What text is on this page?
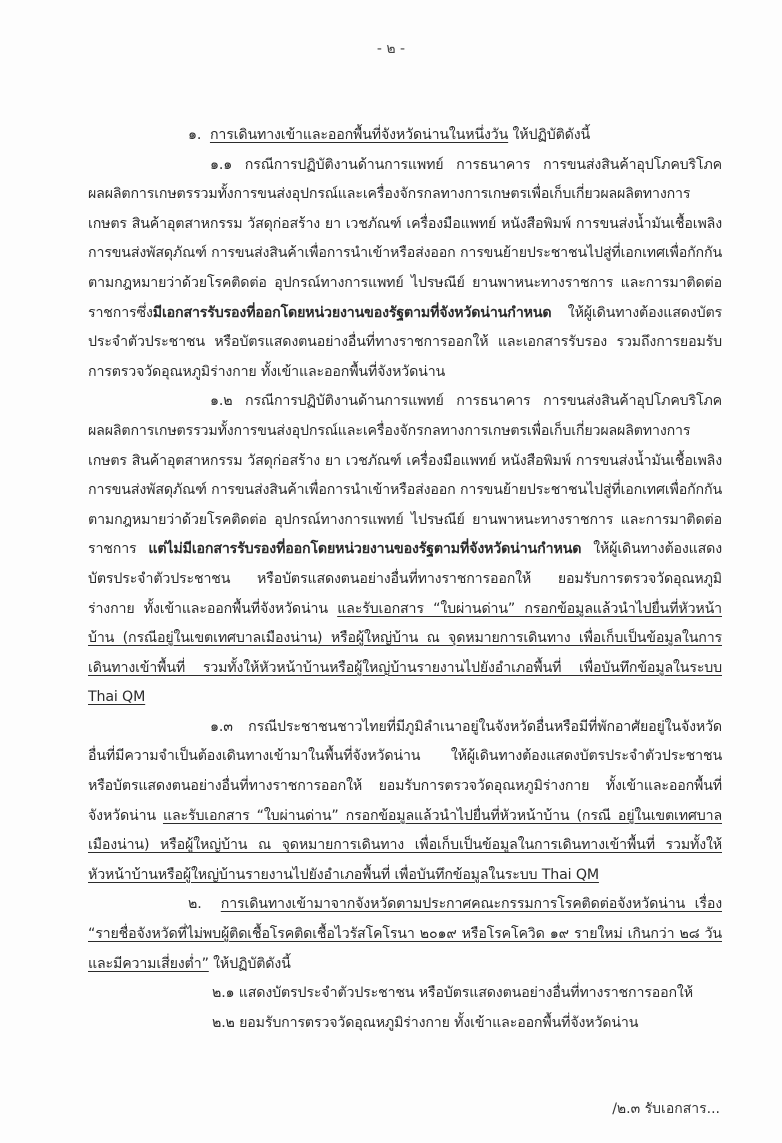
- ๒ -

๑. การเดินทางเข้าและออกพื้นที่จังหวัดน่านในหนึ่งวัน ให้ปฏิบัติดังนี้

๑.๑ กรณีการปฏิบัติงานด้านการแพทย์ การธนาคาร การขนส่งสินค้าอุปโภคบริโภค ผลผลิตการเกษตรรวมทั้งการขนส่งอุปกรณ์และเครื่องจักรกลทางการเกษตรเพื่อเก็บเกี่ยวผลผลิตทางการเกษตร สินค้าอุตสาหกรรม วัสดุก่อสร้าง ยา เวชภัณฑ์ เครื่องมือแพทย์ หนังสือพิมพ์ การขนส่งน้ำมันเชื้อเพลิง การขนส่งพัสดุภัณฑ์ การขนส่งสินค้าเพื่อการนำเข้าหรือส่งออก การขนย้ายประชาชนไปสู่ที่เอกเทศเพื่อกักกันตามกฎหมายว่าด้วยโรคติดต่อ อุปกรณ์ทางการแพทย์ ไปรษณีย์ ยานพาหนะทางราชการ และการมาติดต่อราชการซึ่งมีเอกสารรับรองที่ออกโดยหน่วยงานของรัฐตามที่จังหวัดน่านกำหนด ให้ผู้เดินทางต้องแสดงบัตรประจำตัวประชาชน หรือบัตรแสดงตนอย่างอื่นที่ทางราชการออกให้ และเอกสารรับรอง รวมถึงการยอมรับการตรวจวัดอุณหภูมิร่างกาย ทั้งเข้าและออกพื้นที่จังหวัดน่าน

๑.๒ กรณีการปฏิบัติงานด้านการแพทย์ การธนาคาร การขนส่งสินค้าอุปโภคบริโภค ผลผลิตการเกษตรรวมทั้งการขนส่งอุปกรณ์และเครื่องจักรกลทางการเกษตรเพื่อเก็บเกี่ยวผลผลิตทางการเกษตร สินค้าอุตสาหกรรม วัสดุก่อสร้าง ยา เวชภัณฑ์ เครื่องมือแพทย์ หนังสือพิมพ์ การขนส่งน้ำมันเชื้อเพลิง การขนส่งพัสดุภัณฑ์ การขนส่งสินค้าเพื่อการนำเข้าหรือส่งออก การขนย้ายประชาชนไปสู่ที่เอกเทศเพื่อกักกันตามกฎหมายว่าด้วยโรคติดต่อ อุปกรณ์ทางการแพทย์ ไปรษณีย์ ยานพาหนะทางราชการ และการมาติดต่อราชการ แต่ไม่มีเอกสารรับรองที่ออกโดยหน่วยงานของรัฐตามที่จังหวัดน่านกำหนด ให้ผู้เดินทางต้องแสดงบัตรประจำตัวประชาชน หรือบัตรแสดงตนอย่างอื่นที่ทางราชการออกให้ ยอมรับการตรวจวัดอุณหภูมิร่างกาย ทั้งเข้าและออกพื้นที่จังหวัดน่าน และรับเอกสาร “ใบผ่านด่าน” กรอกข้อมูลแล้วนำไปยื่นที่หัวหน้าบ้าน (กรณีอยู่ในเขตเทศบาลเมืองน่าน) หรือผู้ใหญ่บ้าน ณ จุดหมายการเดินทาง เพื่อเก็บเป็นข้อมูลในการเดินทางเข้าพื้นที่ รวมทั้งให้หัวหน้าบ้านหรือผู้ใหญ่บ้านรายงานไปยังอำเภอพื้นที่ เพื่อบันทึกข้อมูลในระบบ Thai QM

๑.๓ กรณีประชาชนชาวไทยที่มีภูมิลำเนาอยู่ในจังหวัดอื่นหรือมีที่พักอาศัยอยู่ในจังหวัดอื่นที่มีความจำเป็นต้องเดินทางเข้ามาในพื้นที่จังหวัดน่าน ให้ผู้เดินทางต้องแสดงบัตรประจำตัวประชาชน หรือบัตรแสดงตนอย่างอื่นที่ทางราชการออกให้ ยอมรับการตรวจวัดอุณหภูมิร่างกาย ทั้งเข้าและออกพื้นที่จังหวัดน่าน และรับเอกสาร “ใบผ่านด่าน” กรอกข้อมูลแล้วนำไปยื่นที่หัวหน้าบ้าน (กรณี อยู่ในเขตเทศบาลเมืองน่าน) หรือผู้ใหญ่บ้าน ณ จุดหมายการเดินทาง เพื่อเก็บเป็นข้อมูลในการเดินทางเข้าพื้นที่ รวมทั้งให้หัวหน้าบ้านหรือผู้ใหญ่บ้านรายงานไปยังอำเภอพื้นที่ เพื่อบันทึกข้อมูลในระบบ Thai QM

๒. การเดินทางเข้ามาจากจังหวัดตามประกาศคณะกรรมการโรคติดต่อจังหวัดน่าน เรื่อง “รายชื่อจังหวัดที่ไม่พบผู้ติดเชื้อโรคติดเชื้อไวรัสโคโรนา ๒๐๑๙ หรือโรคโควิด ๑๙ รายใหม่ เกินกว่า ๒๘ วัน และมีความเสี่ยงต่ำ” ให้ปฏิบัติดังนี้

๒.๑ แสดงบัตรประจำตัวประชาชน หรือบัตรแสดงตนอย่างอื่นที่ทางราชการออกให้

๒.๒ ยอมรับการตรวจวัดอุณหภูมิร่างกาย ทั้งเข้าและออกพื้นที่จังหวัดน่าน

/๒.๓ รับเอกสาร...
